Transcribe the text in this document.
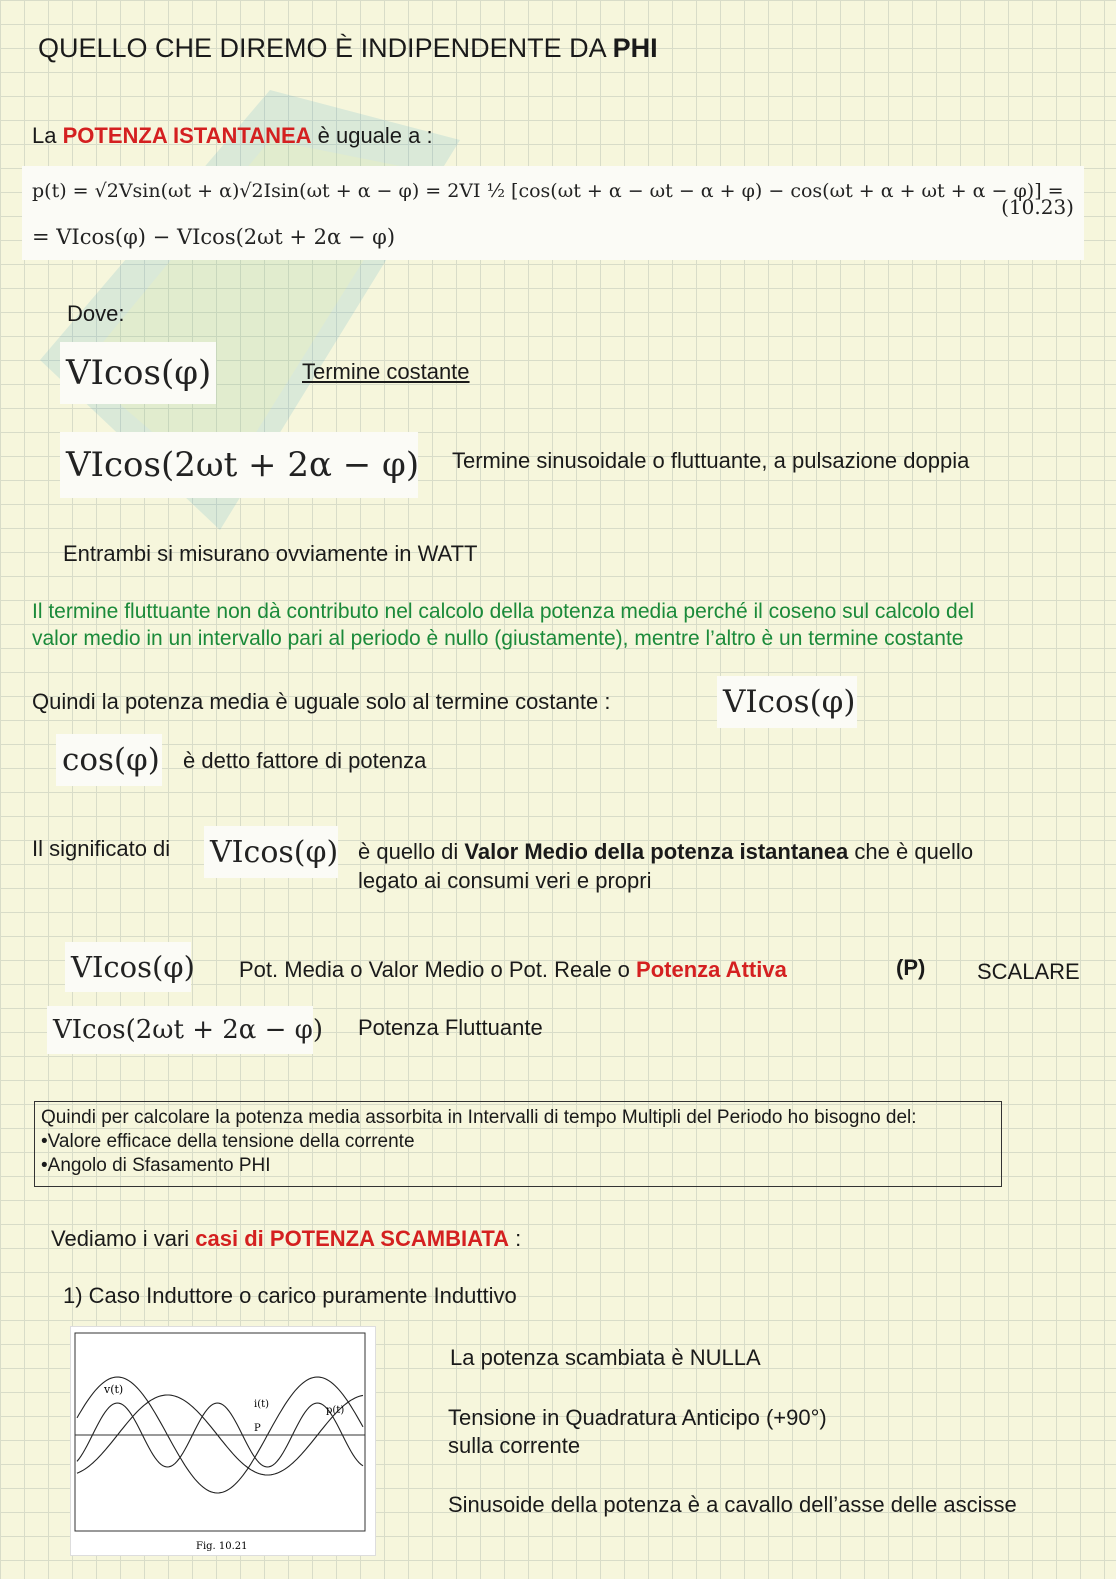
QUELLO CHE DIREMO È INDIPENDENTE DA PHI
La POTENZA ISTANTANEA è uguale a :
p(t) = √2Vsin(ωt + α)√2Isin(ωt + α − φ) = 2VI ½ [cos(ωt + α − ωt − α + φ) − cos(ωt + α + ωt + α − φ)] =
= VIcos(φ) − VIcos(2ωt + 2α − φ)
(10.23)
Dove:
VIcos(φ)	Termine costante
VIcos(2ωt + 2α − φ) Termine sinusoidale o fluttuante, a pulsazione doppia
Entrambi si misurano ovviamente in WATT
Il termine fluttuante non dà contributo nel calcolo della potenza media perché il coseno sul calcolo del
valor medio in un intervallo pari al periodo è nullo (giustamente), mentre l’altro è un termine costante
Quindi la potenza media è uguale solo al termine costante :	VIcos(φ)
cos(φ) è detto fattore di potenza
Il significato di VIcos(φ) è quello di Valor Medio della potenza istantanea che è quello
legato ai consumi veri e propri
VIcos(φ) Pot. Media o Valor Medio o Pot. Reale o Potenza Attiva	(P) SCALARE
VIcos(2ωt + 2α − φ) Potenza Fluttuante
Quindi per calcolare la potenza media assorbita in Intervalli di tempo Multipli del Periodo ho bisogno del:
•Valore efficace della tensione della corrente
•Angolo di Sfasamento PHI
Vediamo i vari casi di POTENZA SCAMBIATA :
1) Caso Induttore o carico puramente Induttivo
v(t)
i(t)
p(t)
P
Fig. 10.21
La potenza scambiata è NULLA
Tensione in Quadratura Anticipo (+90°)
sulla corrente
Sinusoide della potenza è a cavallo dell’asse delle ascisse
